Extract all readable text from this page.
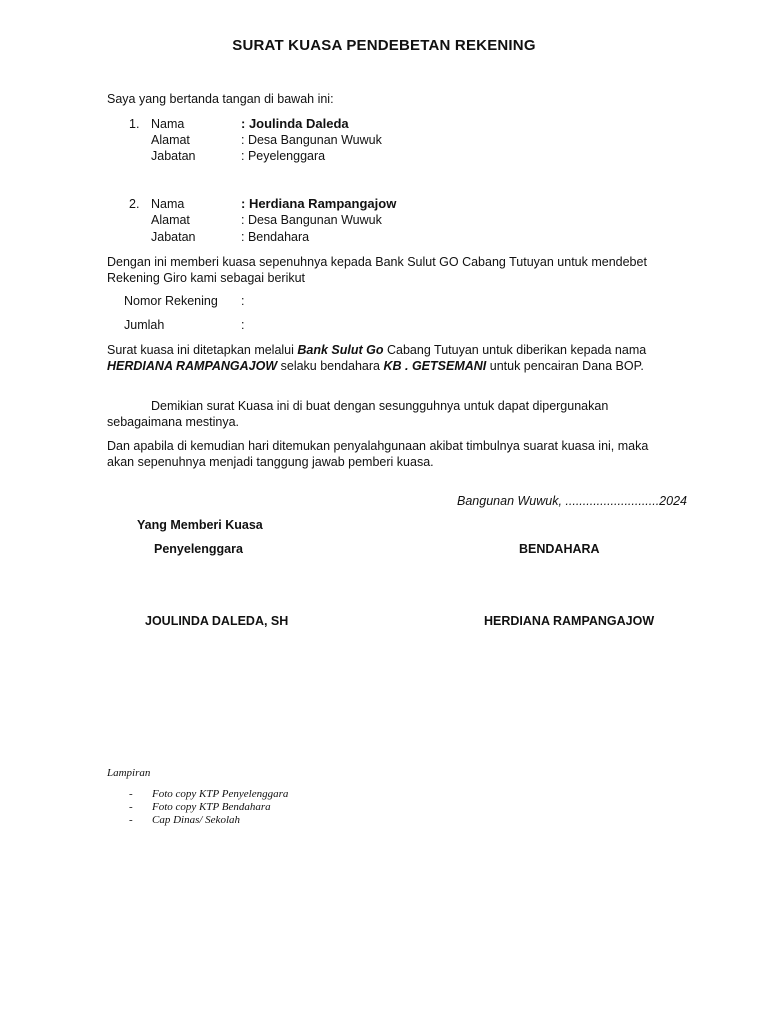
SURAT KUASA PENDEBETAN REKENING
Saya yang bertanda tangan di bawah ini:
1. Nama	: Joulinda Daleda
Alamat	: Desa Bangunan Wuwuk
Jabatan	: Peyelenggara
2. Nama	: Herdiana Rampangajow
Alamat	: Desa Bangunan Wuwuk
Jabatan	: Bendahara
Dengan ini memberi kuasa sepenuhnya kepada Bank Sulut GO Cabang Tutuyan untuk mendebet Rekening Giro kami sebagai berikut
Nomor Rekening :
Jumlah	:
Surat kuasa ini ditetapkan melalui Bank Sulut Go Cabang Tutuyan untuk diberikan kepada nama HERDIANA RAMPANGAJOW selaku bendahara KB . GETSEMANI untuk pencairan Dana BOP.
Demikian surat Kuasa ini di buat dengan sesungguhnya untuk dapat dipergunakan sebagaimana mestinya.
Dan apabila di kemudian hari ditemukan penyalahgunaan akibat timbulnya suarat kuasa ini, maka akan sepenuhnya menjadi tanggung jawab pemberi kuasa.
Bangunan Wuwuk, ...........................2024
Yang Memberi Kuasa
Penyelenggara	BENDAHARA
JOULINDA DALEDA, SH	HERDIANA RAMPANGAJOW
Lampiran
- Foto copy KTP Penyelenggara
- Foto copy KTP Bendahara
- Cap Dinas/ Sekolah
